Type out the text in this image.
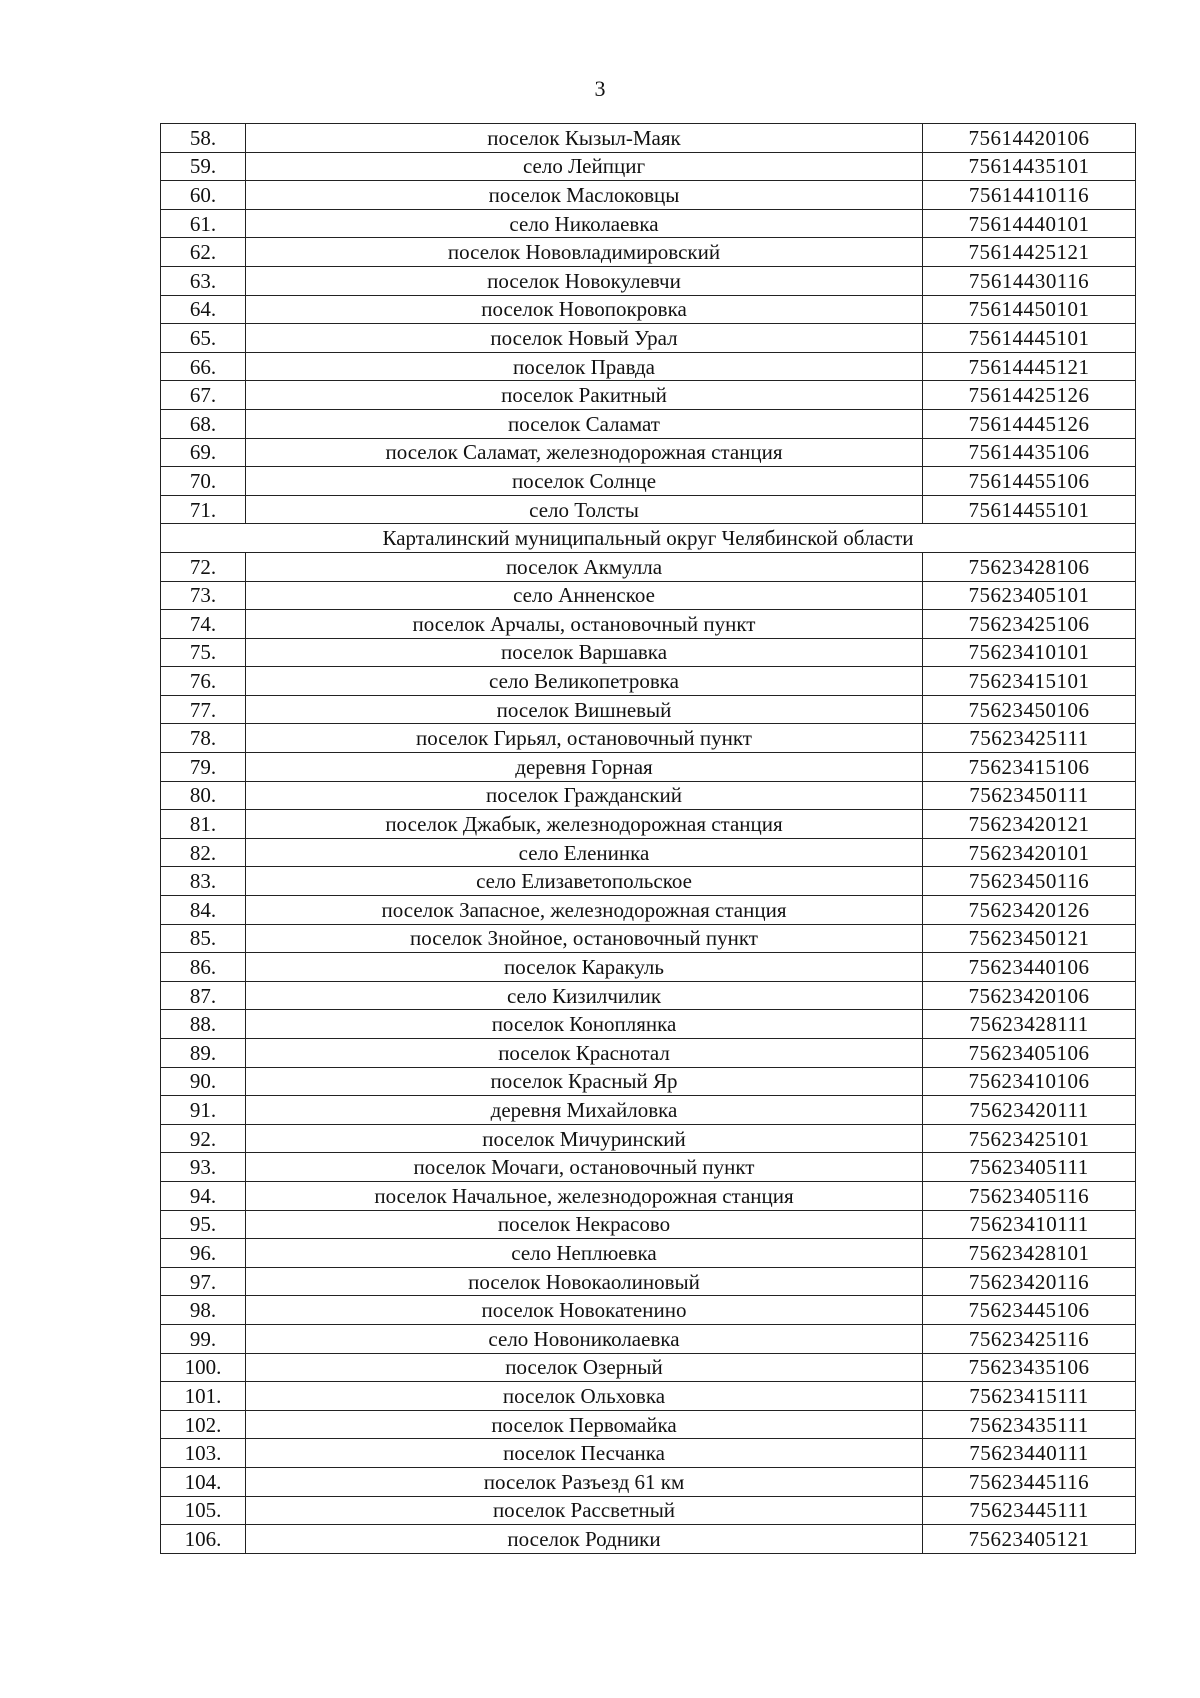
3
58.	поселок Кызыл-Маяк	75614420106
59.	село Лейпциг	75614435101
60.	поселок Маслоковцы	75614410116
61.	село Николаевка	75614440101
62.	поселок Нововладимировский	75614425121
63.	поселок Новокулевчи	75614430116
64.	поселок Новопокровка	75614450101
65.	поселок Новый Урал	75614445101
66.	поселок Правда	75614445121
67.	поселок Ракитный	75614425126
68.	поселок Саламат	75614445126
69.	поселок Саламат, железнодорожная станция	75614435106
70.	поселок Солнце	75614455106
71.	село Толсты	75614455101
Карталинский муниципальный округ Челябинской области		
72.	поселок Акмулла	75623428106
73.	село Анненское	75623405101
74.	поселок Арчалы, остановочный пункт	75623425106
75.	поселок Варшавка	75623410101
76.	село Великопетровка	75623415101
77.	поселок Вишневый	75623450106
78.	поселок Гирьял, остановочный пункт	75623425111
79.	деревня Горная	75623415106
80.	поселок Гражданский	75623450111
81.	поселок Джабык, железнодорожная станция	75623420121
82.	село Еленинка	75623420101
83.	село Елизаветопольское	75623450116
84.	поселок Запасное, железнодорожная станция	75623420126
85.	поселок Знойное, остановочный пункт	75623450121
86.	поселок Каракуль	75623440106
87.	село Кизилчилик	75623420106
88.	поселок Коноплянка	75623428111
89.	поселок Краснотал	75623405106
90.	поселок Красный Яр	75623410106
91.	деревня Михайловка	75623420111
92.	поселок Мичуринский	75623425101
93.	поселок Мочаги, остановочный пункт	75623405111
94.	поселок Начальное, железнодорожная станция	75623405116
95.	поселок Некрасово	75623410111
96.	село Неплюевка	75623428101
97.	поселок Новокаолиновый	75623420116
98.	поселок Новокатенино	75623445106
99.	село Новониколаевка	75623425116
100.	поселок Озерный	75623435106
101.	поселок Ольховка	75623415111
102.	поселок Первомайка	75623435111
103.	поселок Песчанка	75623440111
104.	поселок Разъезд 61 км	75623445116
105.	поселок Рассветный	75623445111
106.	поселок Родники	75623405121
